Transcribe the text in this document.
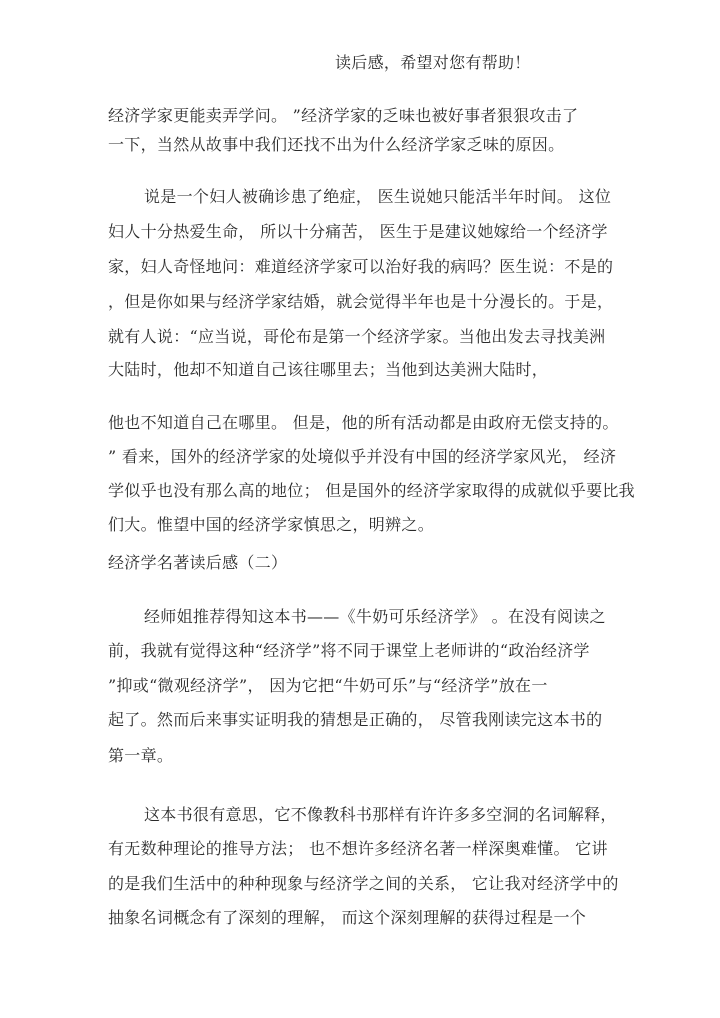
读后感，希望对您有帮助！
经济学家更能卖弄学问。 ”经济学家的乏味也被好事者狠狠攻击了
一下，当然从故事中我们还找不出为什么经济学家乏味的原因。
说是一个妇人被确诊患了绝症， 医生说她只能活半年时间。 这位
妇人十分热爱生命， 所以十分痛苦， 医生于是建议她嫁给一个经济学
家，妇人奇怪地问：难道经济学家可以治好我的病吗？医生说：不是的
，但是你如果与经济学家结婚，就会觉得半年也是十分漫长的。于是，
就有人说：“应当说，哥伦布是第一个经济学家。当他出发去寻找美洲
大陆时，他却不知道自己该往哪里去；当他到达美洲大陆时，
他也不知道自己在哪里。 但是，他的所有活动都是由政府无偿支持的。
” 看来，国外的经济学家的处境似乎并没有中国的经济学家风光， 经济
学似乎也没有那么高的地位； 但是国外的经济学家取得的成就似乎要比我
们大。惟望中国的经济学家慎思之，明辨之。
经济学名著读后感（二）
经师姐推荐得知这本书——《牛奶可乐经济学》 。在没有阅读之
前，我就有觉得这种“经济学”将不同于课堂上老师讲的“政治经济学
”抑或“微观经济学”， 因为它把“牛奶可乐”与“经济学”放在一
起了。然而后来事实证明我的猜想是正确的， 尽管我刚读完这本书的
第一章。
这本书很有意思，它不像教科书那样有许许多多空洞的名词解释，
有无数种理论的推导方法； 也不想许多经济名著一样深奥难懂。 它讲
的是我们生活中的种种现象与经济学之间的关系， 它让我对经济学中的
抽象名词概念有了深刻的理解， 而这个深刻理解的获得过程是一个
